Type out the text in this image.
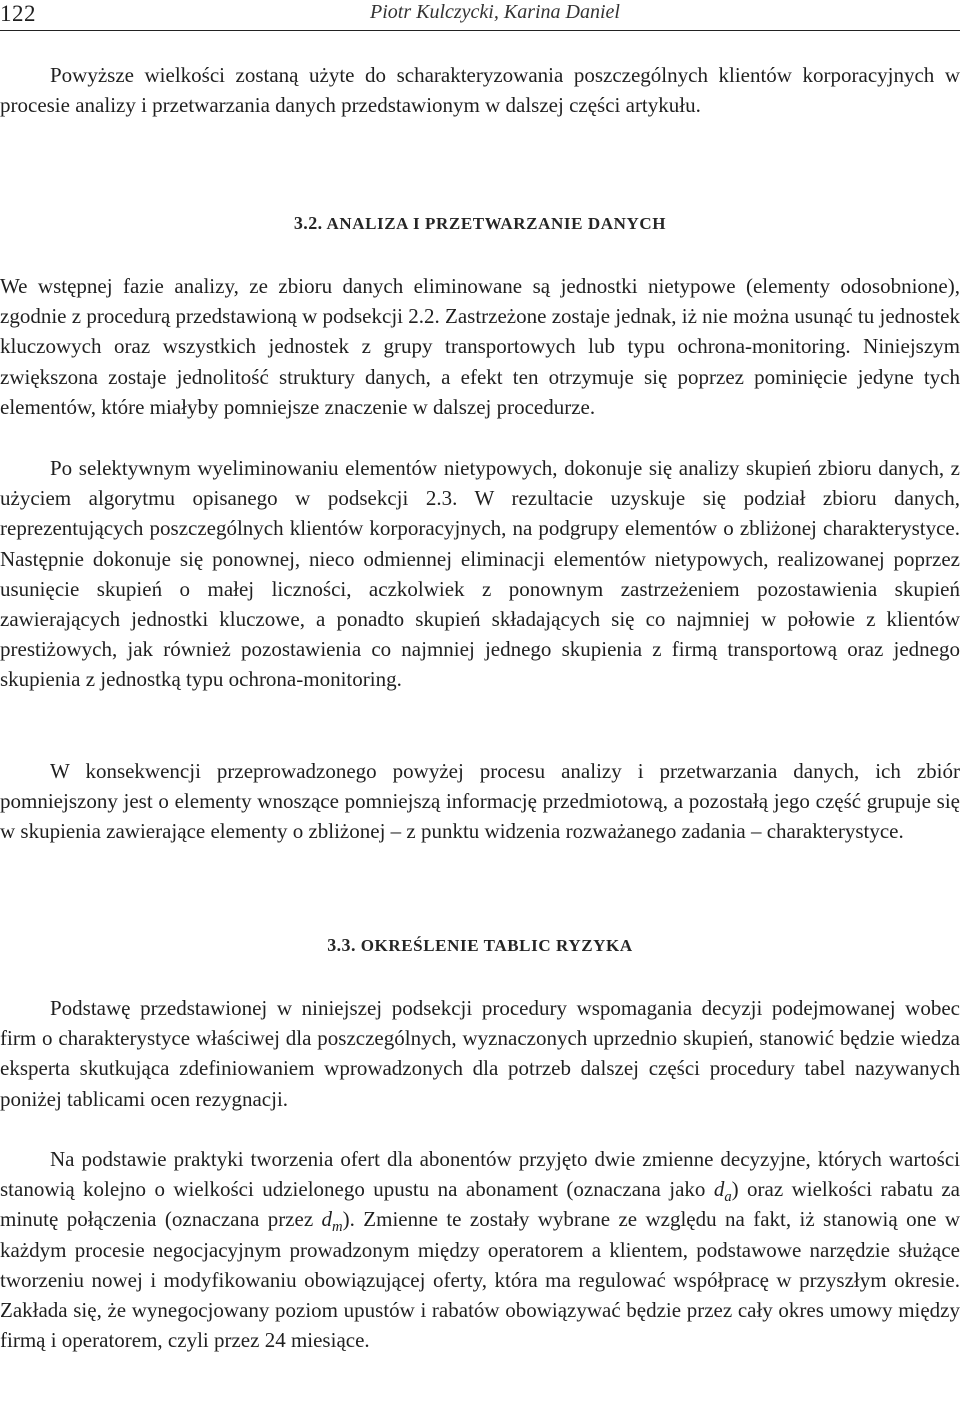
122	Piotr Kulczycki, Karina Daniel

Powyższe wielkości zostaną użyte do scharakteryzowania poszczególnych klientów korporacyjnych w procesie analizy i przetwarzania danych przedstawionym w dalszej części artykułu.

3.2. ANALIZA I PRZETWARZANIE DANYCH

We wstępnej fazie analizy, ze zbioru danych eliminowane są jednostki nietypowe (elementy odosobnione), zgodnie z procedurą przedstawioną w podsekcji 2.2. Zastrzeżone zostaje jednak, iż nie można usunąć tu jednostek kluczowych oraz wszystkich jednostek z grupy transportowych lub typu ochrona-monitoring. Niniejszym zwiększona zostaje jednolitość struktury danych, a efekt ten otrzymuje się poprzez pominięcie jedyne tych elementów, które miałyby pomniejsze znaczenie w dalszej procedurze.

Po selektywnym wyeliminowaniu elementów nietypowych, dokonuje się analizy skupień zbioru danych, z użyciem algorytmu opisanego w podsekcji 2.3. W rezultacie uzyskuje się podział zbioru danych, reprezentujących poszczególnych klientów korporacyjnych, na podgrupy elementów o zbliżonej charakterystyce. Następnie dokonuje się ponownej, nieco odmiennej eliminacji elementów nietypowych, realizowanej poprzez usunięcie skupień o małej liczności, aczkolwiek z ponownym zastrzeżeniem pozostawienia skupień zawierających jednostki kluczowe, a ponadto skupień składających się co najmniej w połowie z klientów prestiżowych, jak również pozostawienia co najmniej jednego skupienia z firmą transportową oraz jednego skupienia z jednostką typu ochrona-monitoring.

W konsekwencji przeprowadzonego powyżej procesu analizy i przetwarzania danych, ich zbiór pomniejszony jest o elementy wnoszące pomniejszą informację przedmiotową, a pozostałą jego część grupuje się w skupienia zawierające elementy o zbliżonej – z punktu widzenia rozważanego zadania – charakterystyce.

3.3. OKREŚLENIE TABLIC RYZYKA

Podstawę przedstawionej w niniejszej podsekcji procedury wspomagania decyzji podejmowanej wobec firm o charakterystyce właściwej dla poszczególnych, wyznaczonych uprzednio skupień, stanowić będzie wiedza eksperta skutkująca zdefiniowaniem wprowadzonych dla potrzeb dalszej części procedury tabel nazywanych poniżej tablicami ocen rezygnacji.

Na podstawie praktyki tworzenia ofert dla abonentów przyjęto dwie zmienne decyzyjne, których wartości stanowią kolejno o wielkości udzielonego upustu na abonament (oznaczana jako $d_a$) oraz wielkości rabatu za minutę połączenia (oznaczana przez $d_m$). Zmienne te zostały wybrane ze względu na fakt, iż stanowią one w każdym procesie negocjacyjnym prowadzonym między operatorem a klientem, podstawowe narzędzie służące tworzeniu nowej i modyfikowaniu obowiązującej oferty, która ma regulować współpracę w przyszłym okresie. Zakłada się, że wynegocjowany poziom upustów i rabatów obowiązywać będzie przez cały okres umowy między firmą i operatorem, czyli przez 24 miesiące.
